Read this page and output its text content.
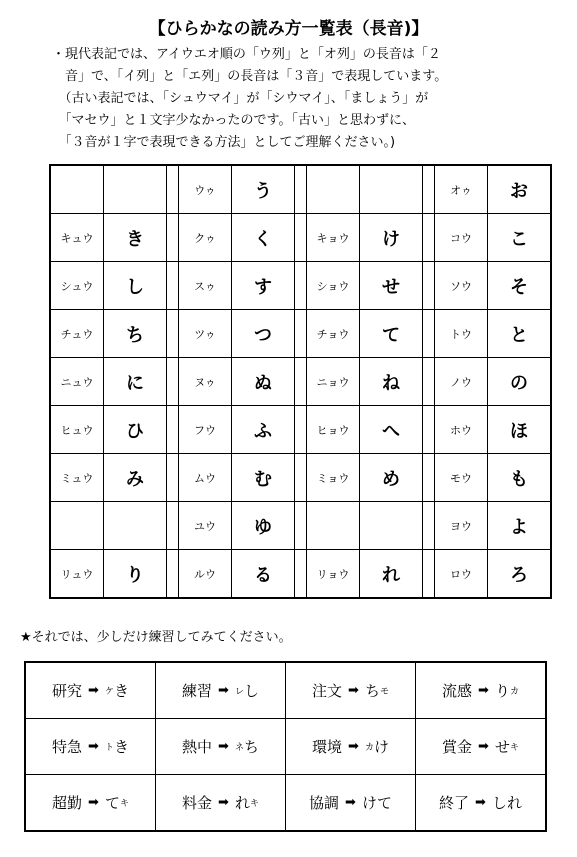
【ひらかなの読み方一覧表（長音)】
・現代表記では、アイウエオ順の「ウ列」と「オ列」の長音は「２
　音」で、「イ列」と「エ列」の長音は「３音」で表現しています。
　（古い表記では、「シュウマイ」が「シウマイ」、「ましょう」が
　「マセウ」と１文字少なかったのです。「古い」と思わずに、
　「３音が１字で表現できる方法」としてご理解ください。)
			ウゥ	う					オゥ	お
キュウ	き		クゥ	く		キョウ	け		コウ	こ
シュウ	し		スゥ	す		ショウ	せ		ソウ	そ
チュウ	ち		ツゥ	つ		チョウ	て		トウ	と
ニュウ	に		ヌゥ	ぬ		ニョウ	ね		ノウ	の
ヒュウ	ひ		フウ	ふ		ヒョウ	へ		ホウ	ほ
ミュウ	み		ムウ	む		ミョウ	め		モウ	も
			ユウ	ゆ					ヨウ	よ
リュウ	り		ルウ	る		リョウ	れ		ロウ	ろ
★それでは、少しだけ練習してみてください。
研究 ➡ ケ き	練習 ➡ レ し	注文 ➡ ち モ	流感 ➡ り カ

特急 ➡ ト き	熱中 ➡ ネ ち	環境 ➡ カ け	賞金 ➡ せ キ

超勤 ➡ て キ	料金 ➡ れ キ	協調 ➡ けて	終了 ➡ しれ
